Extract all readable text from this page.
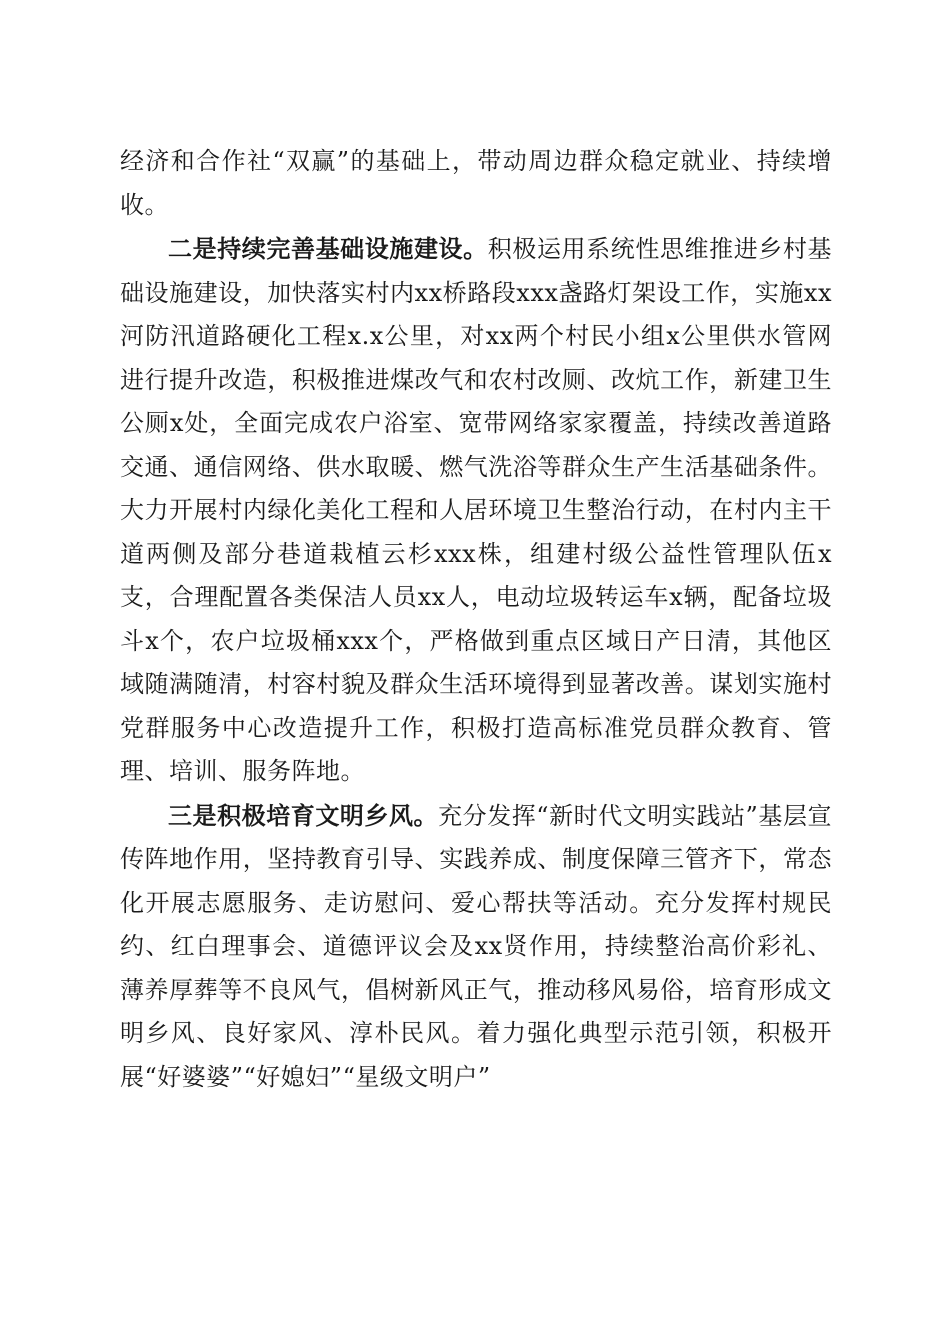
经济和合作社“双赢”的基础上，带动周边群众稳定就业、持续增收。

二是持续完善基础设施建设。积极运用系统性思维推进乡村基础设施建设，加快落实村内xx桥路段xxx盏路灯架设工作，实施xx河防汛道路硬化工程x.x公里，对xx两个村民小组x公里供水管网进行提升改造，积极推进煤改气和农村改厕、改炕工作，新建卫生公厕x处，全面完成农户浴室、宽带网络家家覆盖，持续改善道路交通、通信网络、供水取暖、燃气洗浴等群众生产生活基础条件。大力开展村内绿化美化工程和人居环境卫生整治行动，在村内主干道两侧及部分巷道栽植云杉xxx株，组建村级公益性管理队伍x支，合理配置各类保洁人员xx人，电动垃圾转运车x辆，配备垃圾斗x个，农户垃圾桶xxx个，严格做到重点区域日产日清，其他区域随满随清，村容村貌及群众生活环境得到显著改善。谋划实施村党群服务中心改造提升工作，积极打造高标准党员群众教育、管理、培训、服务阵地。

三是积极培育文明乡风。充分发挥“新时代文明实践站”基层宣传阵地作用，坚持教育引导、实践养成、制度保障三管齐下，常态化开展志愿服务、走访慰问、爱心帮扶等活动。充分发挥村规民约、红白理事会、道德评议会及xx贤作用，持续整治高价彩礼、薄养厚葬等不良风气，倡树新风正气，推动移风易俗，培育形成文明乡风、良好家风、淳朴民风。着力强化典型示范引领，积极开展“好婆婆”“好媳妇”“星级文明户”
